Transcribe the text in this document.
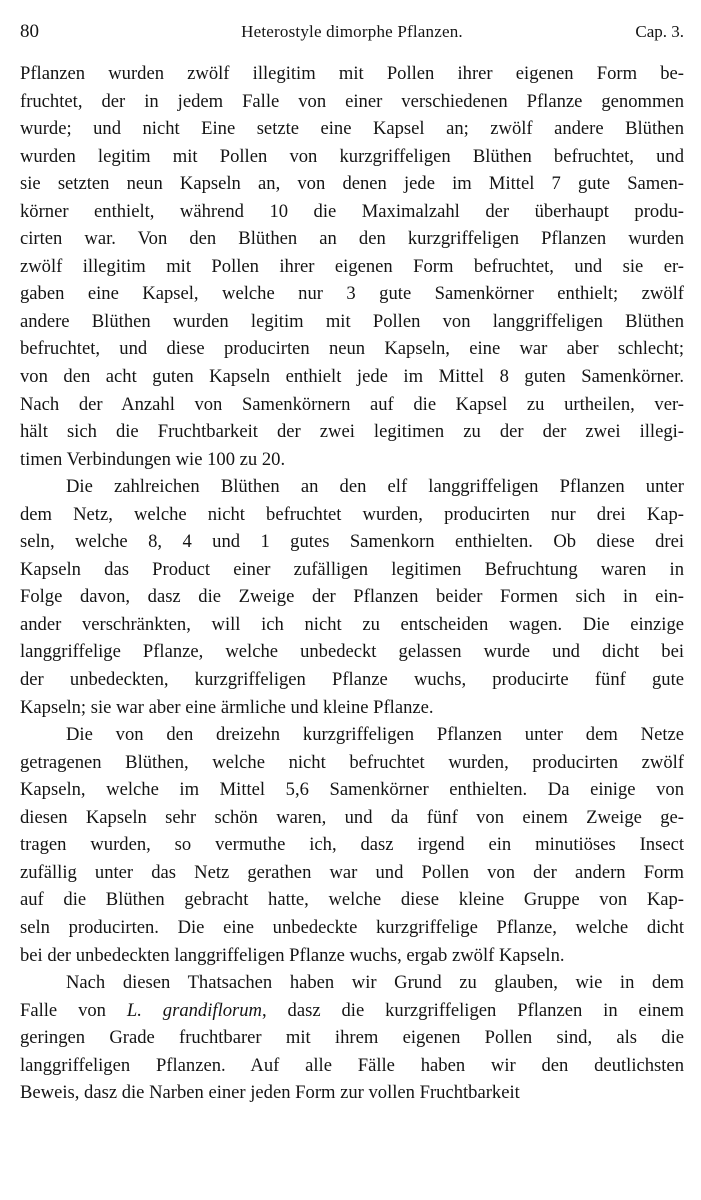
80	Heterostyle dimorphe Pflanzen.	Cap. 3.
Pflanzen wurden zwölf illegitim mit Pollen ihrer eigenen Form be-
fruchtet, der in jedem Falle von einer verschiedenen Pflanze genommen
wurde; und nicht Eine setzte eine Kapsel an; zwölf andere Blüthen
wurden legitim mit Pollen von kurzgriffeligen Blüthen befruchtet, und
sie setzten neun Kapseln an, von denen jede im Mittel 7 gute Samen-
körner enthielt, während 10 die Maximalzahl der überhaupt produ-
cirten war. Von den Blüthen an den kurzgriffeligen Pflanzen wurden
zwölf illegitim mit Pollen ihrer eigenen Form befruchtet, und sie er-
gaben eine Kapsel, welche nur 3 gute Samenkörner enthielt; zwölf
andere Blüthen wurden legitim mit Pollen von langgriffeligen Blüthen
befruchtet, und diese producirten neun Kapseln, eine war aber schlecht;
von den acht guten Kapseln enthielt jede im Mittel 8 guten Samenkörner.
Nach der Anzahl von Samenkörnern auf die Kapsel zu urtheilen, ver-
hält sich die Fruchtbarkeit der zwei legitimen zu der der zwei illegi-
timen Verbindungen wie 100 zu 20.
Die zahlreichen Blüthen an den elf langgriffeligen Pflanzen unter
dem Netz, welche nicht befruchtet wurden, producirten nur drei Kap-
seln, welche 8, 4 und 1 gutes Samenkorn enthielten. Ob diese drei
Kapseln das Product einer zufälligen legitimen Befruchtung waren in
Folge davon, dasz die Zweige der Pflanzen beider Formen sich in ein-
ander verschränkten, will ich nicht zu entscheiden wagen. Die einzige
langgriffelige Pflanze, welche unbedeckt gelassen wurde und dicht bei
der unbedeckten, kurzgriffeligen Pflanze wuchs, producirte fünf gute
Kapseln; sie war aber eine ärmliche und kleine Pflanze.
Die von den dreizehn kurzgriffeligen Pflanzen unter dem Netze
getragenen Blüthen, welche nicht befruchtet wurden, producirten zwölf
Kapseln, welche im Mittel 5,6 Samenkörner enthielten. Da einige von
diesen Kapseln sehr schön waren, und da fünf von einem Zweige ge-
tragen wurden, so vermuthe ich, dasz irgend ein minutiöses Insect
zufällig unter das Netz gerathen war und Pollen von der andern Form
auf die Blüthen gebracht hatte, welche diese kleine Gruppe von Kap-
seln producirten. Die eine unbedeckte kurzgriffelige Pflanze, welche dicht
bei der unbedeckten langgriffeligen Pflanze wuchs, ergab zwölf Kapseln.
Nach diesen Thatsachen haben wir Grund zu glauben, wie in dem
Falle von L. grandiflorum, dasz die kurzgriffeligen Pflanzen in einem
geringen Grade fruchtbarer mit ihrem eigenen Pollen sind, als die
langgriffeligen Pflanzen. Auf alle Fälle haben wir den deutlichsten
Beweis, dasz die Narben einer jeden Form zur vollen Fruchtbarkeit
